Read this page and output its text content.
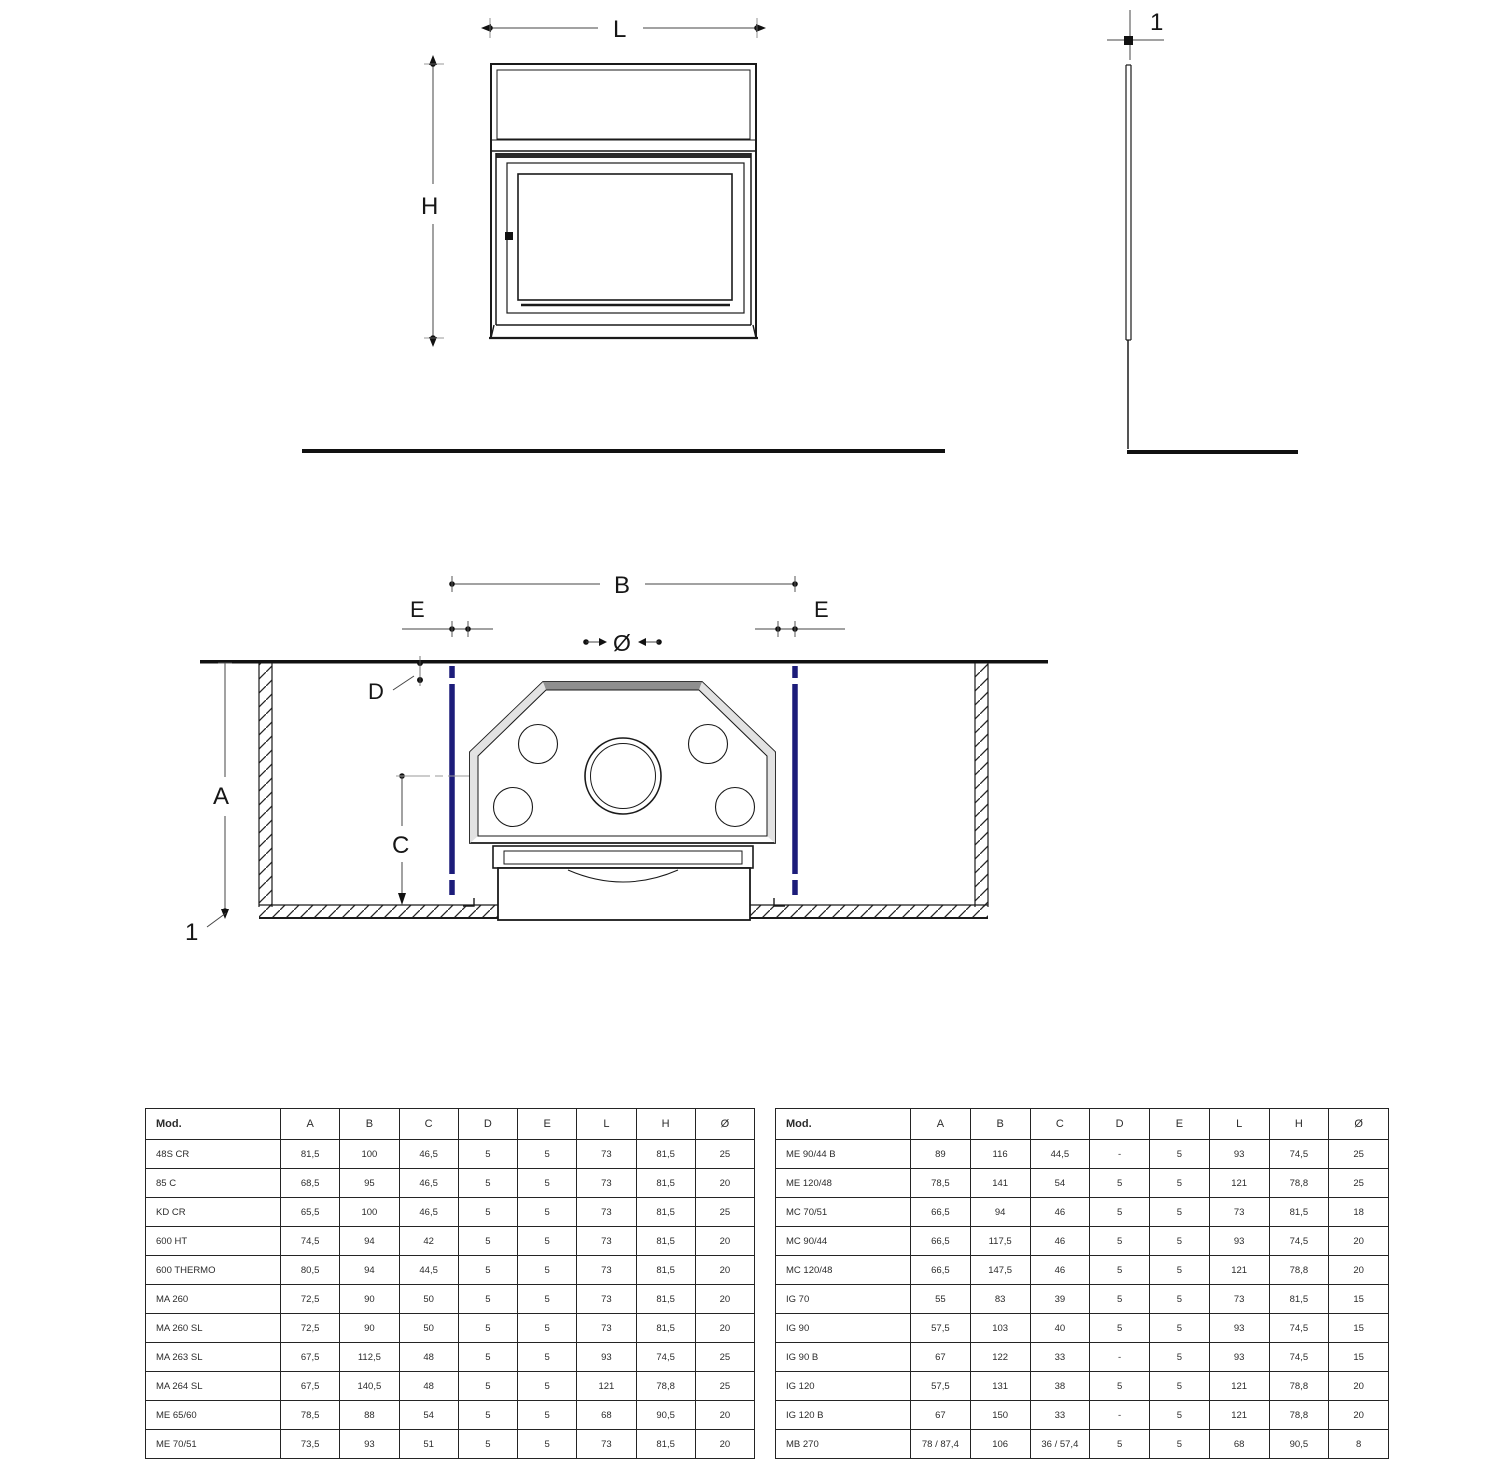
L
H
1
B
E	E
Ø
D
A
1
C
Mod.	A	B	C	D	E	L	H	Ø
48S CR	81,5	100	46,5	5	5	73	81,5	25
85 C	68,5	95	46,5	5	5	73	81,5	20
KD CR	65,5	100	46,5	5	5	73	81,5	25
600 HT	74,5	94	42	5	5	73	81,5	20
600 THERMO	80,5	94	44,5	5	5	73	81,5	20
MA 260	72,5	90	50	5	5	73	81,5	20
MA 260 SL	72,5	90	50	5	5	73	81,5	20
MA 263 SL	67,5	112,5	48	5	5	93	74,5	25
MA 264 SL	67,5	140,5	48	5	5	121	78,8	25
ME 65/60	78,5	88	54	5	5	68	90,5	20
ME 70/51	73,5	93	51	5	5	73	81,5	20
Mod.	A	B	C	D	E	L	H	Ø
ME 90/44 B	89	116	44,5	-	5	93	74,5	25
ME 120/48	78,5	141	54	5	5	121	78,8	25
MC 70/51	66,5	94	46	5	5	73	81,5	18
MC 90/44	66,5	117,5	46	5	5	93	74,5	20
MC 120/48	66,5	147,5	46	5	5	121	78,8	20
IG 70	55	83	39	5	5	73	81,5	15
IG 90	57,5	103	40	5	5	93	74,5	15
IG 90 B	67	122	33	-	5	93	74,5	15
IG 120	57,5	131	38	5	5	121	78,8	20
IG 120 B	67	150	33	-	5	121	78,8	20
MB 270	78 / 87,4	106	36 / 57,4	5	5	68	90,5	8
